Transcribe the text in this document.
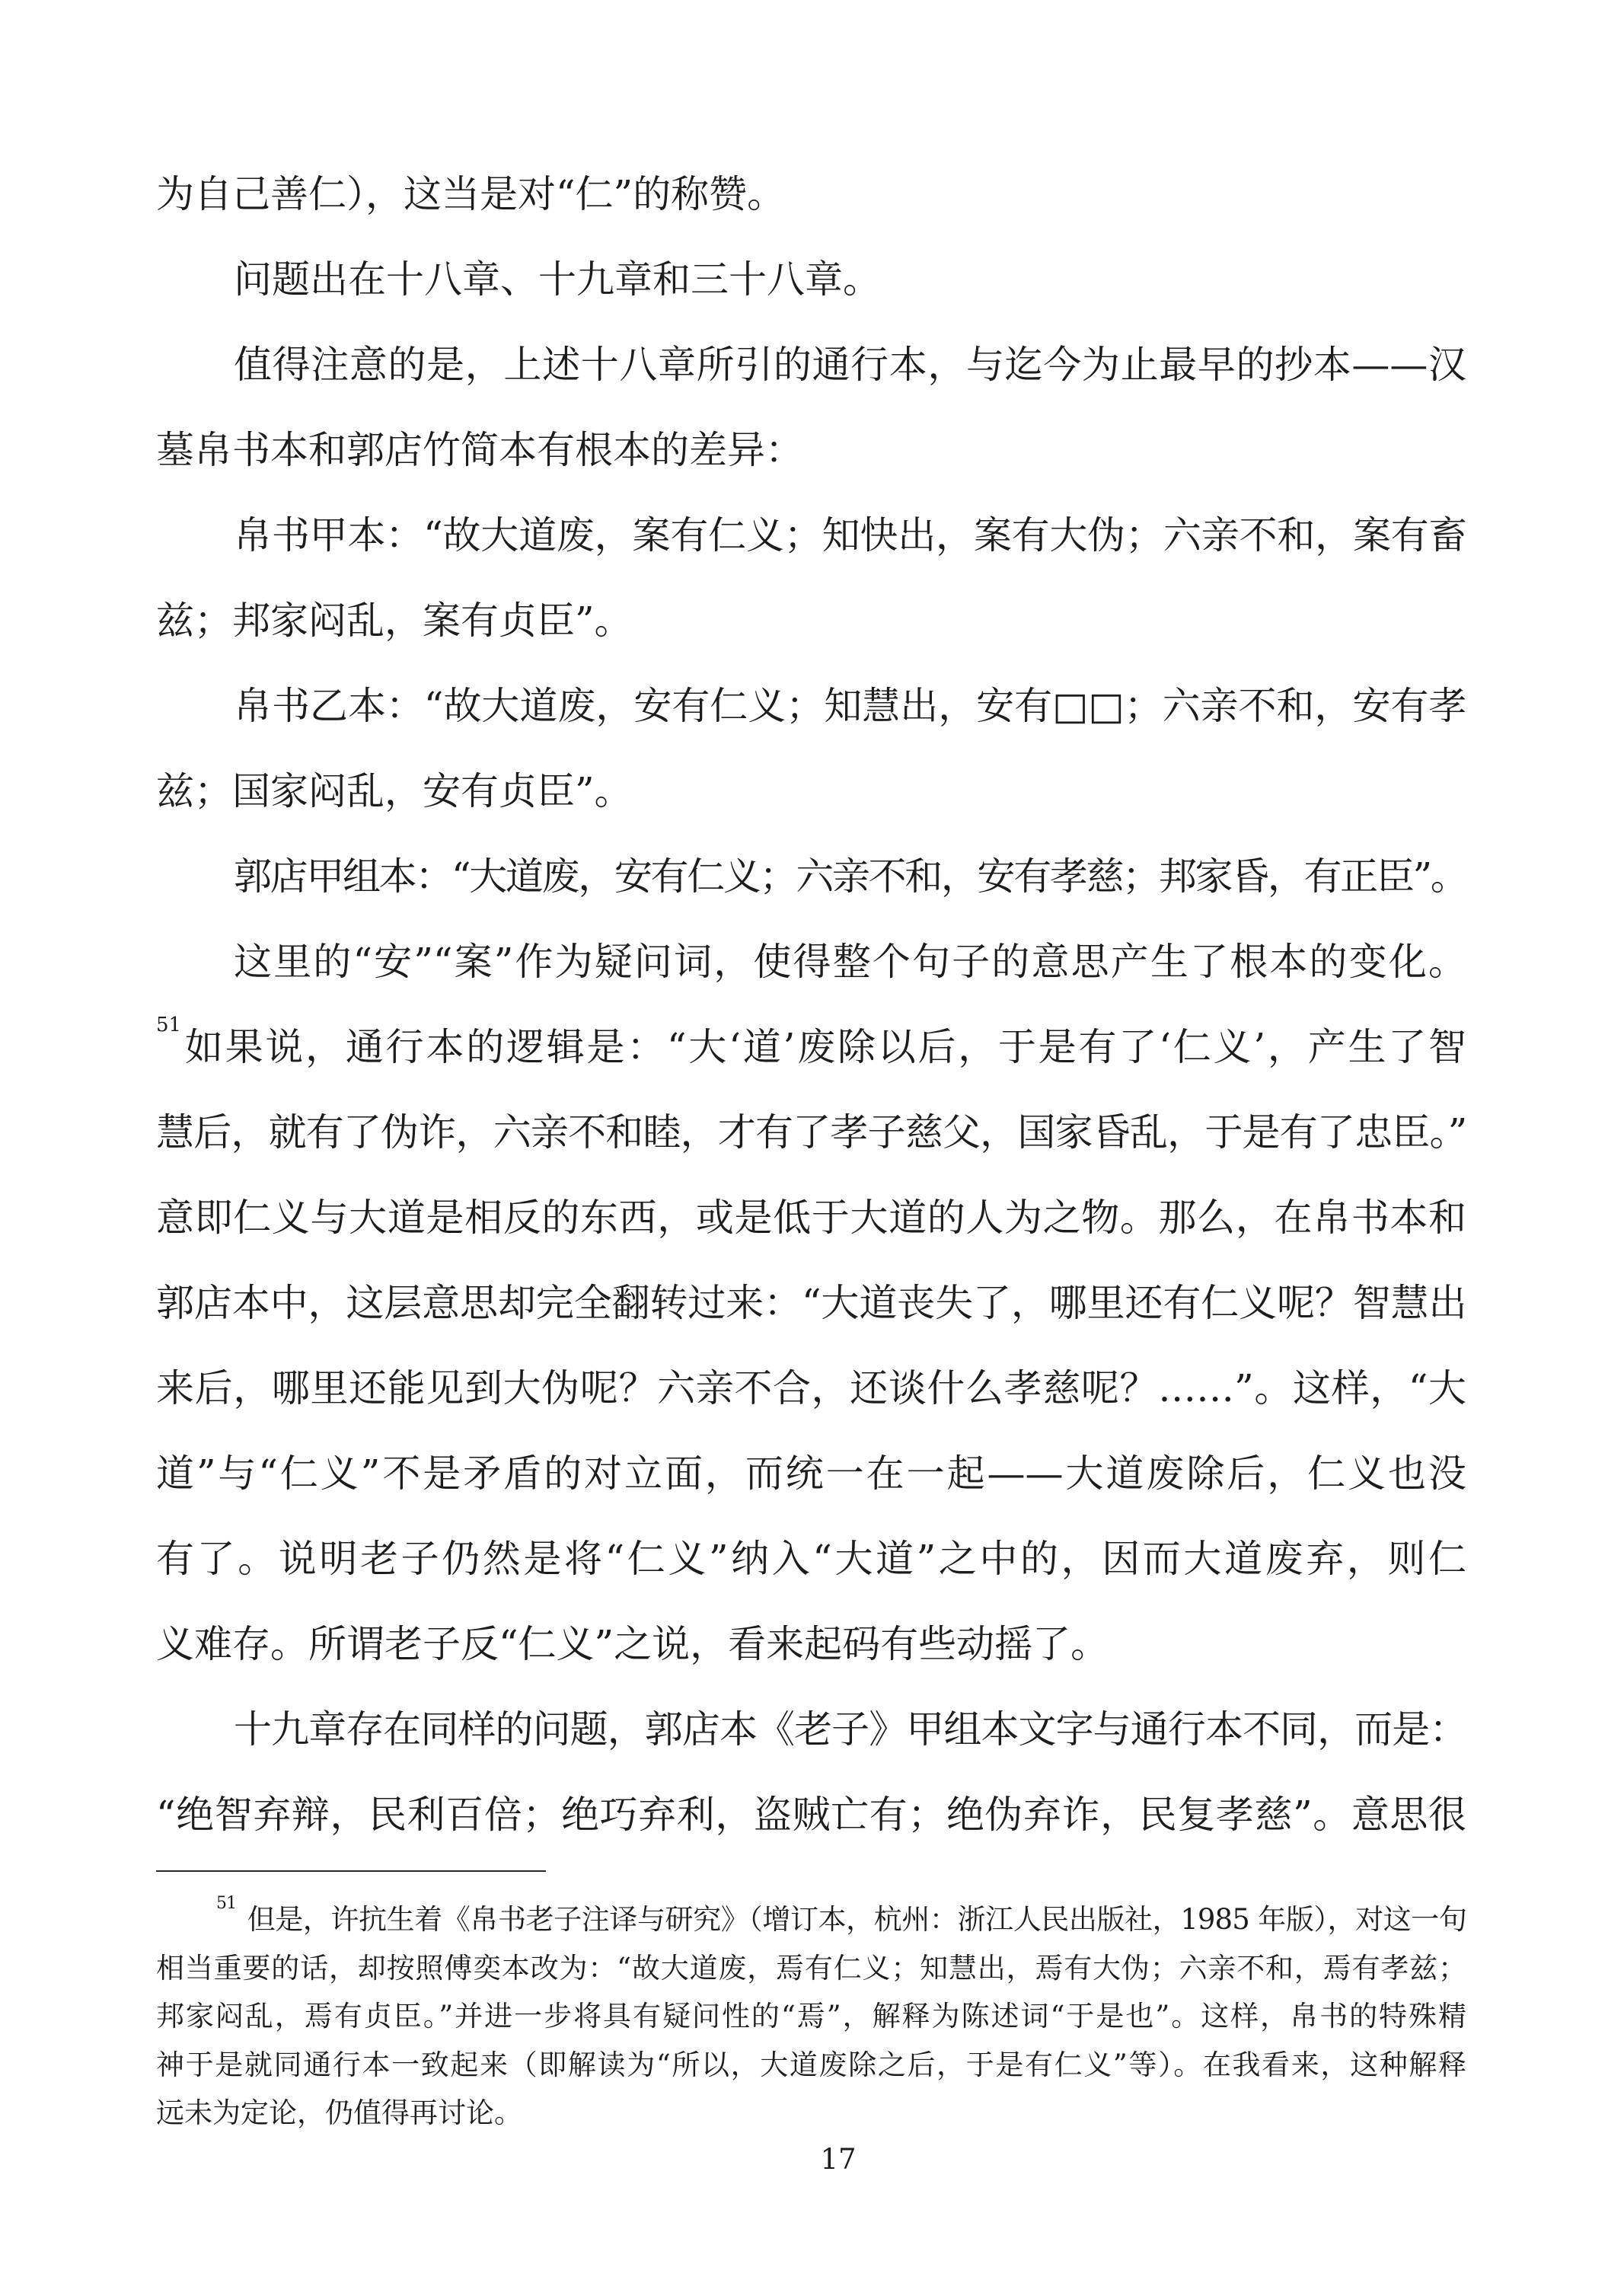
为自己善仁），这当是对“仁”的称赞。
问题出在十八章、十九章和三十八章。
值得注意的是，上述十八章所引的通行本，与迄今为止最早的抄本——汉
墓帛书本和郭店竹简本有根本的差异：
帛书甲本：“故大道废，案有仁义；知快出，案有大伪；六亲不和，案有畜
兹；邦家闷乱，案有贞臣”。
帛书乙本：“故大道废，安有仁义；知慧出，安有□□；六亲不和，安有孝
兹；国家闷乱，安有贞臣”。
郭店甲组本：“大道废，安有仁义；六亲不和，安有孝慈；邦家昏，有正臣”。
这里的“安”“案”作为疑问词，使得整个句子的意思产生了根本的变化。
$^{51}$如果说，通行本的逻辑是：“大‘道’废除以后，于是有了‘仁义’，产生了智
慧后，就有了伪诈，六亲不和睦，才有了孝子慈父，国家昏乱，于是有了忠臣。”
意即仁义与大道是相反的东西，或是低于大道的人为之物。那么，在帛书本和
郭店本中，这层意思却完全翻转过来：“大道丧失了，哪里还有仁义呢？智慧出
来后，哪里还能见到大伪呢？六亲不合，还谈什么孝慈呢？……”。这样，“大
道”与“仁义”不是矛盾的对立面，而统一在一起——大道废除后，仁义也没
有了。说明老子仍然是将“仁义”纳入“大道”之中的，因而大道废弃，则仁
义难存。所谓老子反“仁义”之说，看来起码有些动摇了。
十九章存在同样的问题，郭店本《老子》甲组本文字与通行本不同，而是：
“绝智弃辩，民利百倍；绝巧弃利，盗贼亡有；绝伪弃诈，民复孝慈”。意思很
$^{51}$ 但是，许抗生着《帛书老子注译与研究》（增订本，杭州：浙江人民出版社，1985 年版），对这一句
相当重要的话，却按照傅奕本改为：“故大道废，焉有仁义；知慧出，焉有大伪；六亲不和，焉有孝兹；
邦家闷乱，焉有贞臣。”并进一步将具有疑问性的“焉”，解释为陈述词“于是也”。这样，帛书的特殊精
神于是就同通行本一致起来（即解读为“所以，大道废除之后，于是有仁义”等）。在我看来，这种解释
远未为定论，仍值得再讨论。
17
